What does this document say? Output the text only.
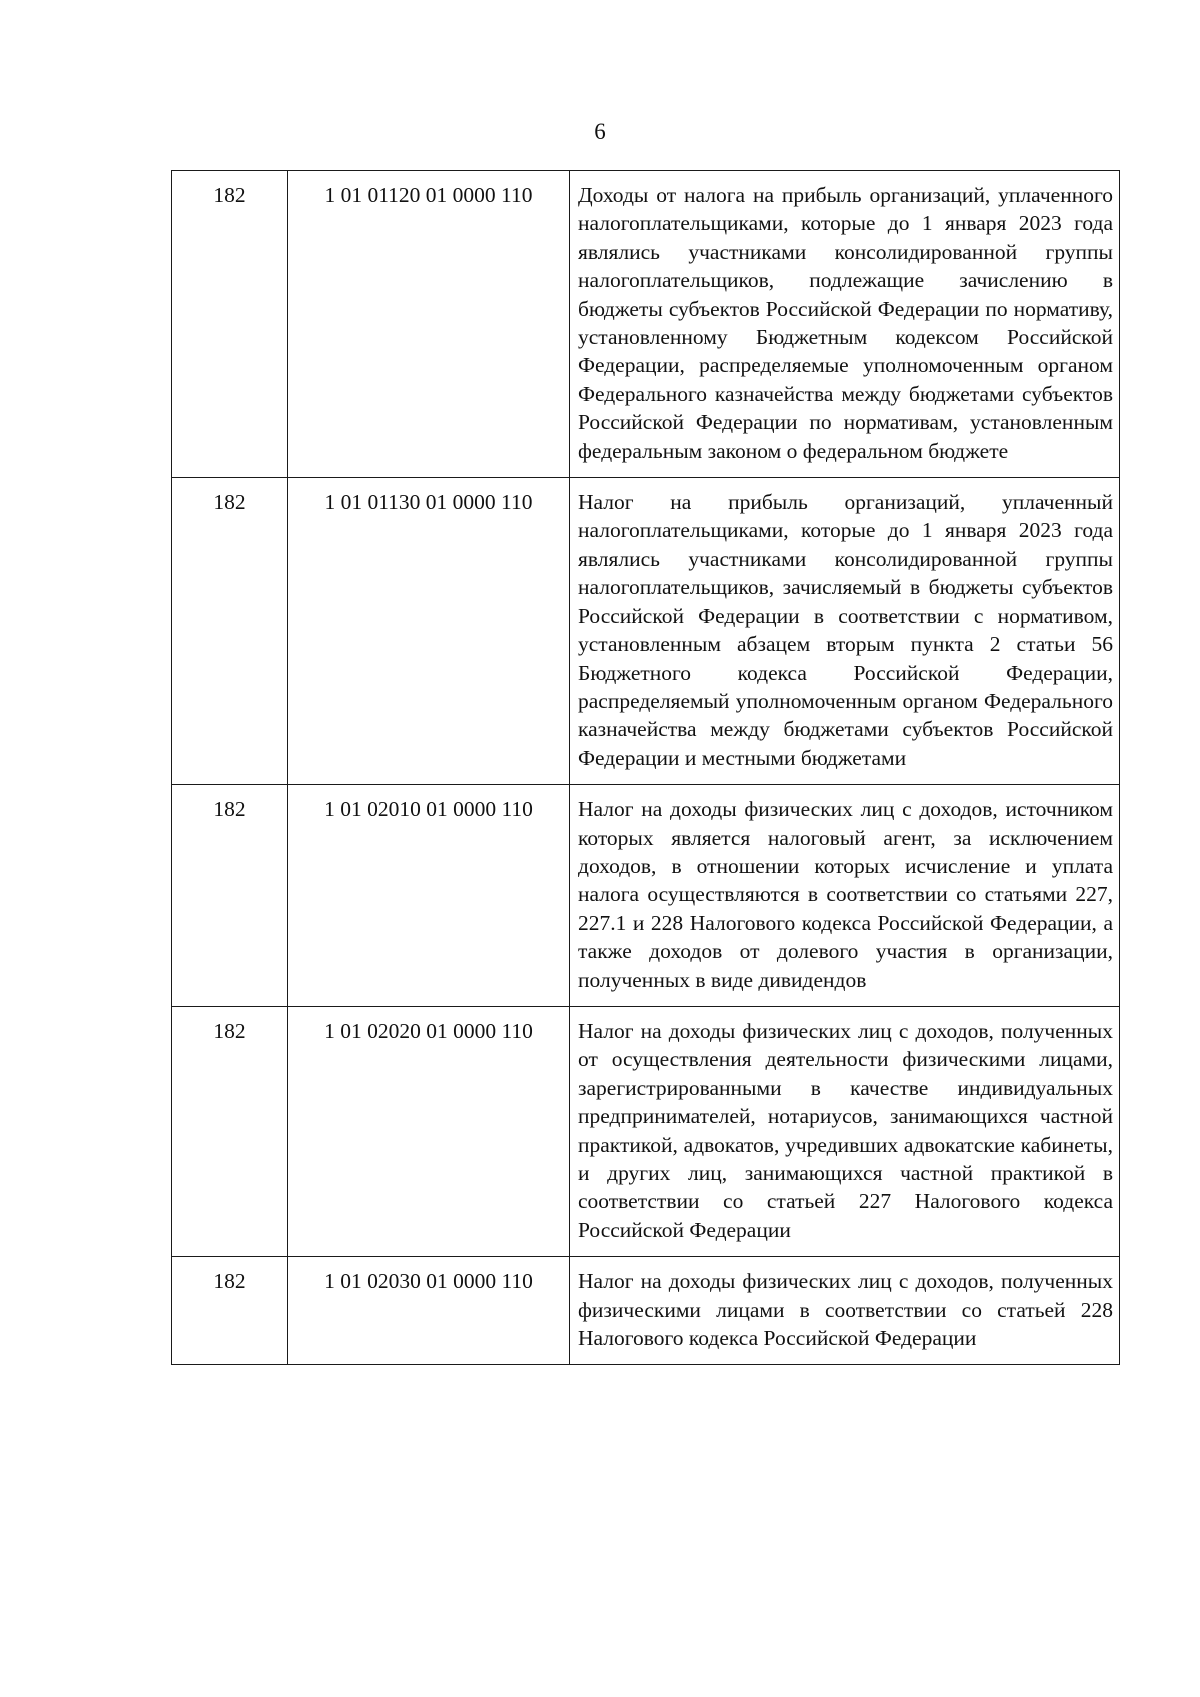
6
182	1 01 01120 01 0000 110	Доходы от налога на прибыль организаций, уплаченного налогоплательщиками, которые до 1 января 2023 года являлись участниками консолидированной группы налогоплательщиков, подлежащие зачислению в бюджеты субъектов Российской Федерации по нормативу, установленному Бюджетным кодексом Российской Федерации, распределяемые уполномоченным органом Федерального казначейства между бюджетами субъектов Российской Федерации по нормативам, установленным федеральным законом о федеральном бюджете
182	1 01 01130 01 0000 110	Налог на прибыль организаций, уплаченный налогоплательщиками, которые до 1 января 2023 года являлись участниками консолидированной группы налогоплательщиков, зачисляемый в бюджеты субъектов Российской Федерации в соответствии с нормативом, установленным абзацем вторым пункта 2 статьи 56 Бюджетного кодекса Российской Федерации, распределяемый уполномоченным органом Федерального казначейства между бюджетами субъектов Российской Федерации и местными бюджетами
182	1 01 02010 01 0000 110	Налог на доходы физических лиц с доходов, источником которых является налоговый агент, за исключением доходов, в отношении которых исчисление и уплата налога осуществляются в соответствии со статьями 227, 227.1 и 228 Налогового кодекса Российской Федерации, а также доходов от долевого участия в организации, полученных в виде дивидендов
182	1 01 02020 01 0000 110	Налог на доходы физических лиц с доходов, полученных от осуществления деятельности физическими лицами, зарегистрированными в качестве индивидуальных предпринимателей, нотариусов, занимающихся частной практикой, адвокатов, учредивших адвокатские кабинеты, и других лиц, занимающихся частной практикой в соответствии со статьей 227 Налогового кодекса Российской Федерации
182	1 01 02030 01 0000 110	Налог на доходы физических лиц с доходов, полученных физическими лицами в соответствии со статьей 228 Налогового кодекса Российской Федерации
